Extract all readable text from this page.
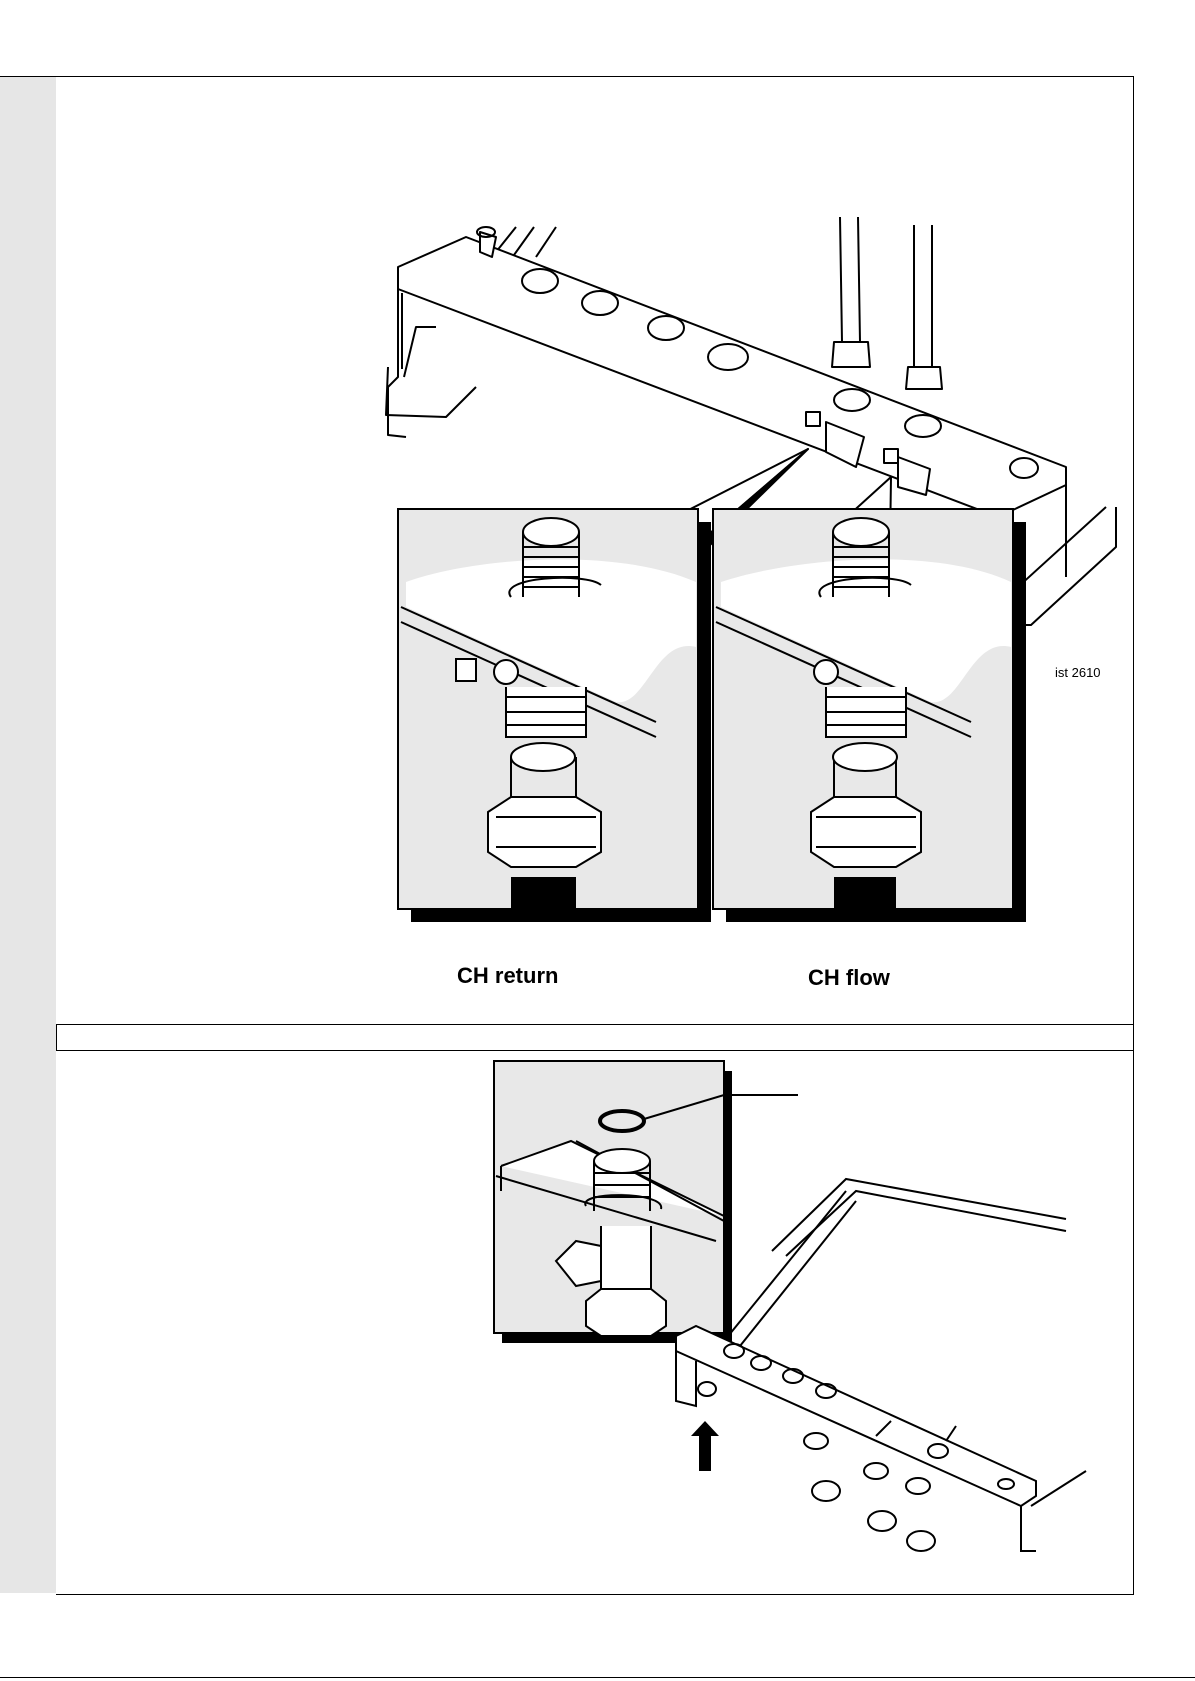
CH return	CH flow
ist 2610
